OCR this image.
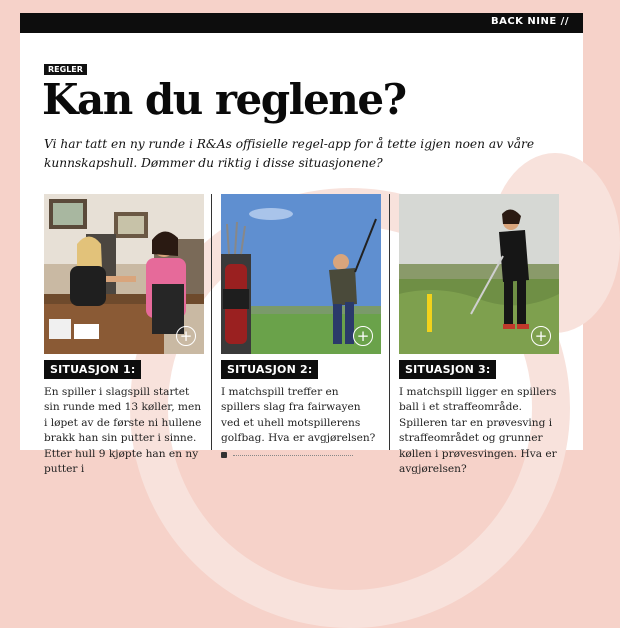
BACK NINE //
REGLER
Kan du reglene?

Vi har tatt en ny runde i R&As offisielle regel-app for å tette igjen noen av våre kunnskapshull. Dømmer du riktig i disse situasjonene?

+
SITUASJON 1:

En spiller i slagspill startet sin runde med 13 køller, men i løpet av de første ni hullene brakk han sin putter i sinne. Etter hull 9 kjøpte han en ny putter i

+
SITUASJON 2:

I matchspill treffer en spillers slag fra fairwayen ved et uhell motspillerens golfbag. Hva er avgjørelsen?

+
SITUASJON 3:

I matchspill ligger en spillers ball i et straffeområde. Spilleren tar en prøvesving i straffeområdet og grunner køllen i prøvesvingen. Hva er avgjørelsen?
